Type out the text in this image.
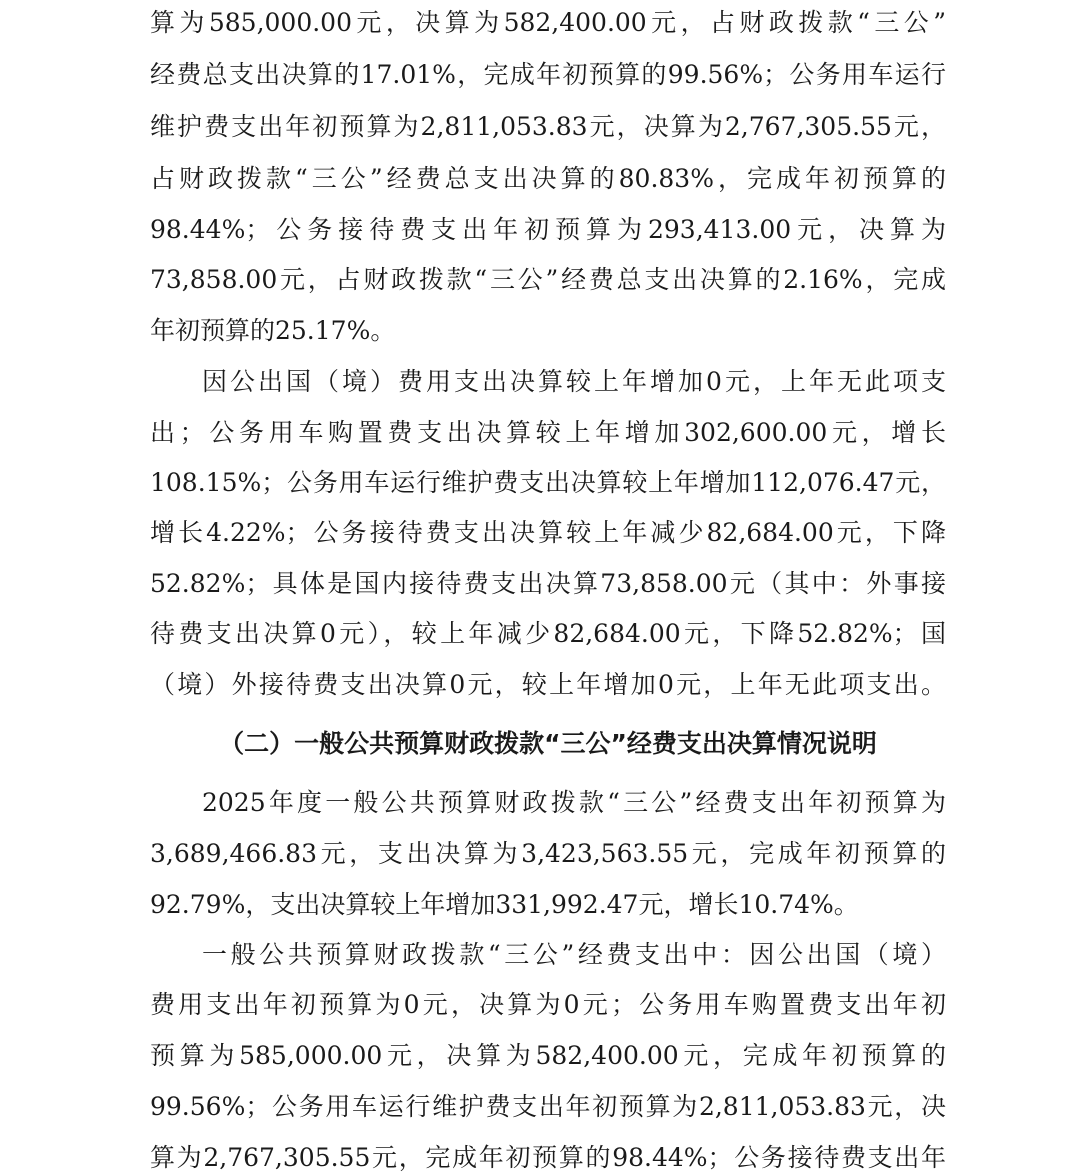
算为585,000.00元，决算为582,400.00元，占财政拨款“三公”
经费总支出决算的17.01%，完成年初预算的99.56%；公务用车运行
维护费支出年初预算为2,811,053.83元，决算为2,767,305.55元，
占财政拨款“三公”经费总支出决算的80.83%，完成年初预算的
98.44%；公务接待费支出年初预算为293,413.00元，决算为
73,858.00元，占财政拨款“三公”经费总支出决算的2.16%，完成
年初预算的25.17%。
因公出国（境）费用支出决算较上年增加0元，上年无此项支
出；公务用车购置费支出决算较上年增加302,600.00元，增长
108.15%；公务用车运行维护费支出决算较上年增加112,076.47元，
增长4.22%；公务接待费支出决算较上年减少82,684.00元，下降
52.82%；具体是国内接待费支出决算73,858.00元（其中：外事接
待费支出决算0元），较上年减少82,684.00元，下降52.82%；国
（境）外接待费支出决算0元，较上年增加0元，上年无此项支出。
（二）一般公共预算财政拨款“三公”经费支出决算情况说明
2025年度一般公共预算财政拨款“三公”经费支出年初预算为
3,689,466.83元，支出决算为3,423,563.55元，完成年初预算的
92.79%，支出决算较上年增加331,992.47元，增长10.74%。
一般公共预算财政拨款“三公”经费支出中：因公出国（境）
费用支出年初预算为0元，决算为0元；公务用车购置费支出年初
预算为585,000.00元，决算为582,400.00元，完成年初预算的
99.56%；公务用车运行维护费支出年初预算为2,811,053.83元，决
算为2,767,305.55元，完成年初预算的98.44%；公务接待费支出年
